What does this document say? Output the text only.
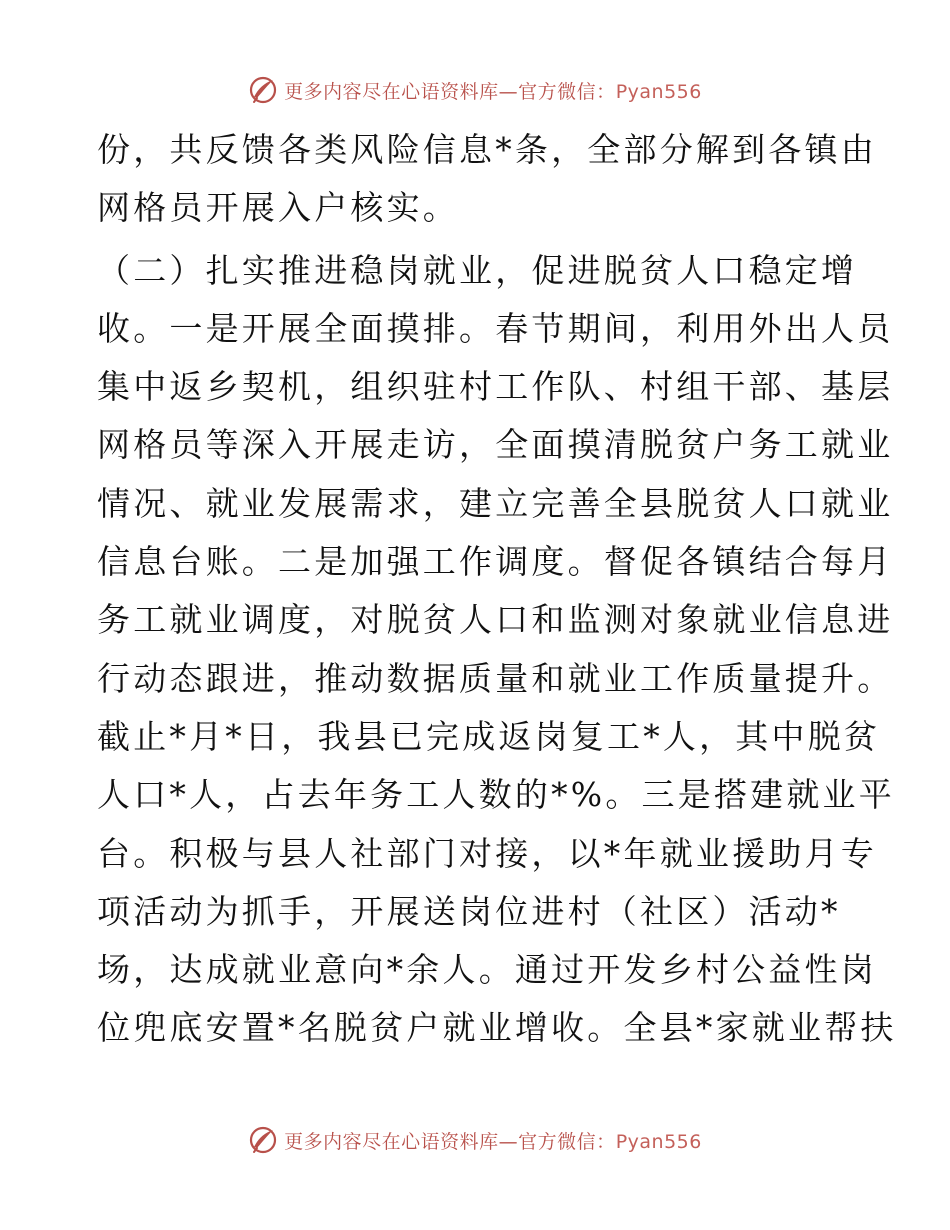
更多内容尽在心语资料库—官方微信：Pyan556
份，共反馈各类风险信息*条，全部分解到各镇由
网格员开展入户核实。
（二）扎实推进稳岗就业，促进脱贫人口稳定增
收。一是开展全面摸排。春节期间，利用外出人员
集中返乡契机，组织驻村工作队、村组干部、基层
网格员等深入开展走访，全面摸清脱贫户务工就业
情况、就业发展需求，建立完善全县脱贫人口就业
信息台账。二是加强工作调度。督促各镇结合每月
务工就业调度，对脱贫人口和监测对象就业信息进
行动态跟进，推动数据质量和就业工作质量提升。
截止*月*日，我县已完成返岗复工*人，其中脱贫
人口*人，占去年务工人数的*%。三是搭建就业平
台。积极与县人社部门对接，以*年就业援助月专
项活动为抓手，开展送岗位进村（社区）活动*
场，达成就业意向*余人。通过开发乡村公益性岗
位兜底安置*名脱贫户就业增收。全县*家就业帮扶
更多内容尽在心语资料库—官方微信：Pyan556
